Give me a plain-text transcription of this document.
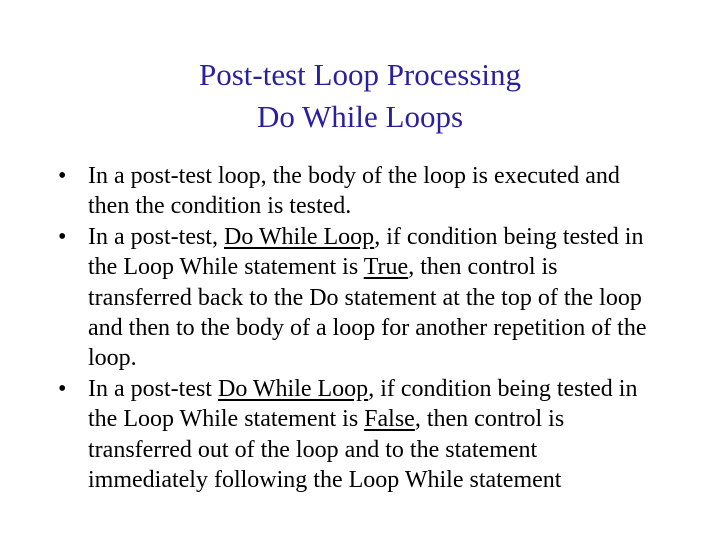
Post-test Loop Processing
Do While Loops
• In a post-test loop, the body of the loop is executed and then the condition is tested.
• In a post-test, Do While Loop, if condition being tested in the Loop While statement is True, then control is transferred back to the Do statement at the top of the loop and then to the body of a loop for another repetition of the loop.
• In a post-test Do While Loop, if condition being tested in the Loop While statement is False, then control is transferred out of the loop and to the statement immediately following the Loop While statement
